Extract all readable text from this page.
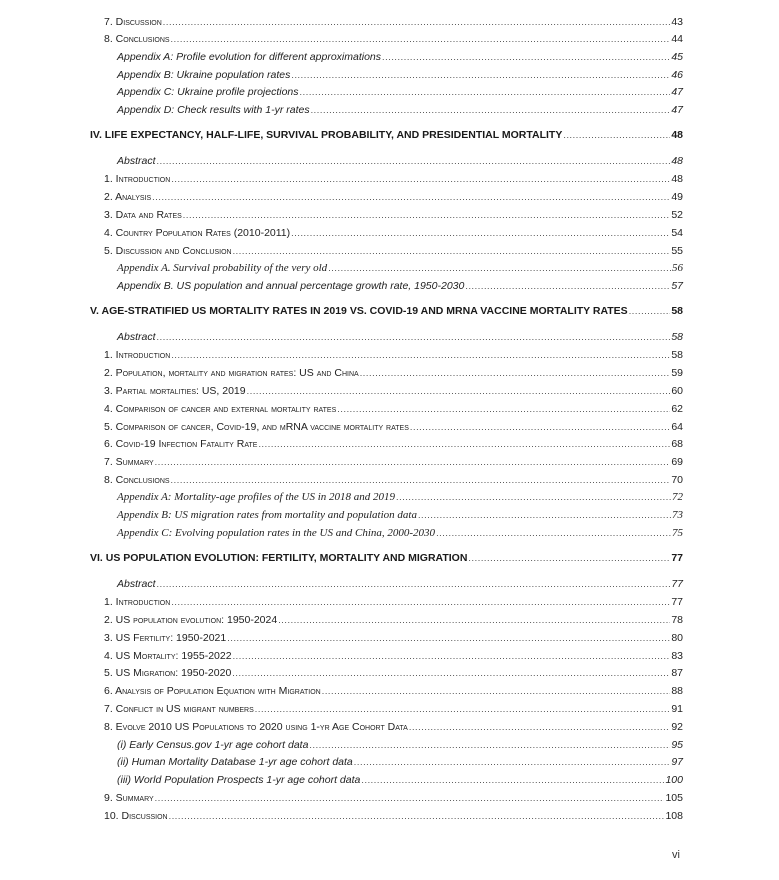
7. Discussion .....	43
8. Conclusions .....	44
Appendix A: Profile evolution for different approximations .....	45
Appendix B: Ukraine population rates .....	46
Appendix C: Ukraine profile projections .....	47
Appendix D: Check results with 1-yr rates .....	47
IV. LIFE EXPECTANCY, HALF-LIFE, SURVIVAL PROBABILITY, AND PRESIDENTIAL MORTALITY .....	48
Abstract .....	48
1. Introduction .....	48
2. Analysis .....	49
3. Data and Rates .....	52
4. Country Population Rates (2010-2011) .....	54
5. Discussion and Conclusion .....	55
Appendix A. Survival probability of the very old .....	56
Appendix B. US population and annual percentage growth rate, 1950-2030 .....	57
V. AGE-STRATIFIED US MORTALITY RATES IN 2019 VS. COVID-19 AND MRNA VACCINE MORTALITY RATES .....	58
Abstract .....	58
1. Introduction .....	58
2. Population, mortality and migration rates: US and China .....	59
3. Partial mortalities: US, 2019 .....	60
4. Comparison of cancer and external mortality rates .....	62
5. Comparison of cancer, Covid-19, and mRNA vaccine mortality rates .....	64
6. Covid-19 Infection Fatality Rate .....	68
7. Summary .....	69
8. Conclusions .....	70
Appendix A: Mortality-age profiles of the US in 2018 and 2019 .....	72
Appendix B: US migration rates from mortality and population data .....	73
Appendix C: Evolving population rates in the US and China, 2000-2030 .....	75
VI. US POPULATION EVOLUTION: FERTILITY, MORTALITY AND MIGRATION .....	77
Abstract .....	77
1. Introduction .....	77
2. US population evolution: 1950-2024 .....	78
3. US Fertility: 1950-2021 .....	80
4. US Mortality: 1955-2022 .....	83
5. US Migration: 1950-2020 .....	87
6. Analysis of Population Equation with Migration .....	88
7. Conflict in US migrant numbers .....	91
8. Evolve 2010 US Populations to 2020 using 1-yr Age Cohort Data .....	92
(i) Early Census.gov 1-yr age cohort data .....	95
(ii) Human Mortality Database 1-yr age cohort data .....	97
(iii) World Population Prospects 1-yr age cohort data .....	100
9. Summary .....	105
10. Discussion .....	108
vi
